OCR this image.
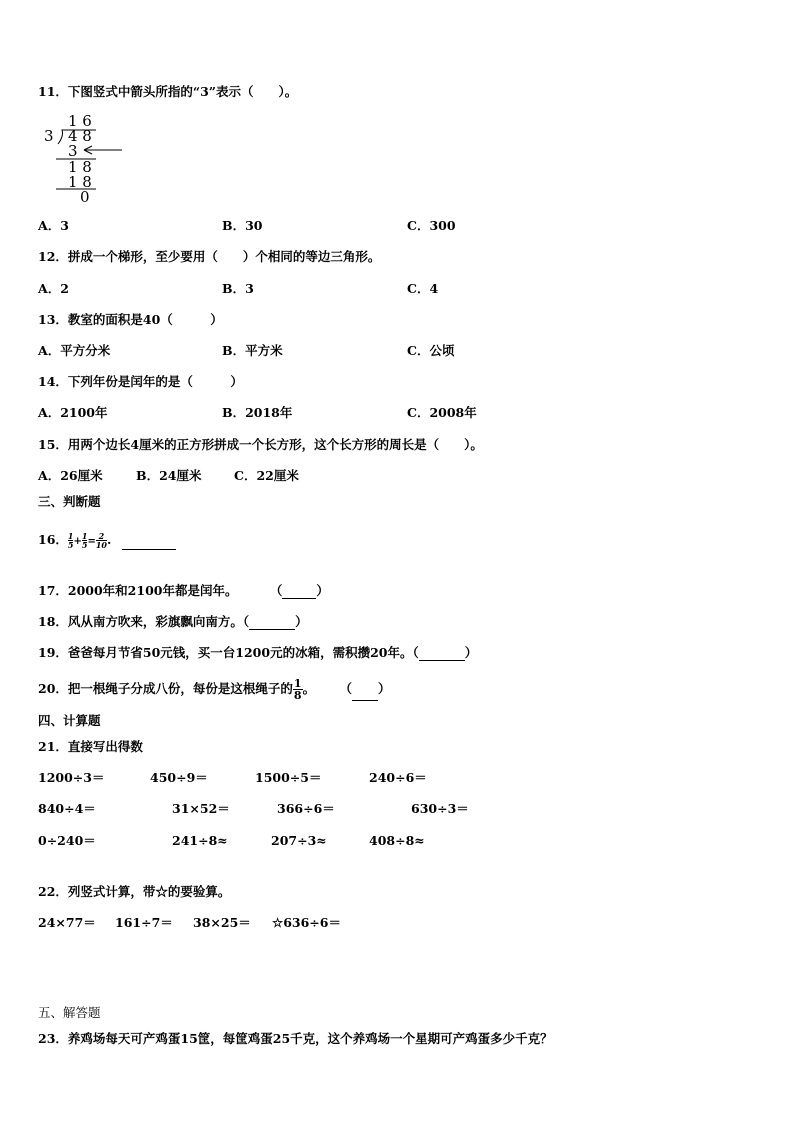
11．下图竖式中箭头所指的“3”表示（　　）。
1 6
3 4 8
3
1 8
1 8
0
A．3	B．30	C．300
12．拼成一个梯形，至少要用（　　）个相同的等边三角形。
A．2	B．3	C．4
13．教室的面积是40（　　　）
A．平方分米	B．平方米	C．公顷
14．下列年份是闰年的是（　　　）
A．2100年	B．2018年	C．2008年
15．用两个边长4厘米的正方形拼成一个长方形，这个长方形的周长是（　　）。
A．26厘米	B．24厘米	C．22厘米
三、判断题
16． $\frac{1}{5} + \frac{1}{5} = \frac{2}{10}$ .
17．2000年和2100年都是闰年。	（	）
18．风从南方吹来，彩旗飘向南方。（	）
19．爸爸每月节省50元钱，买一台1200元的冰箱，需积攒20年。（	）
20．把一根绳子分成八份，每份是这根绳子的 $\frac{1}{8}$ 。 （ ）
四、计算题
21．直接写出得数
1200÷3＝	450÷9＝	1500÷5＝	240÷6＝
840÷4＝	31×52＝	366÷6＝	630÷3＝
0÷240＝	241÷8≈	207÷3≈	408÷8≈
22．列竖式计算，带☆的要验算。
24×77＝ 161÷7＝ 38×25＝ ☆636÷6＝
五、解答题
23．养鸡场每天可产鸡蛋15筐，每筐鸡蛋25千克，这个养鸡场一个星期可产鸡蛋多少千克？
